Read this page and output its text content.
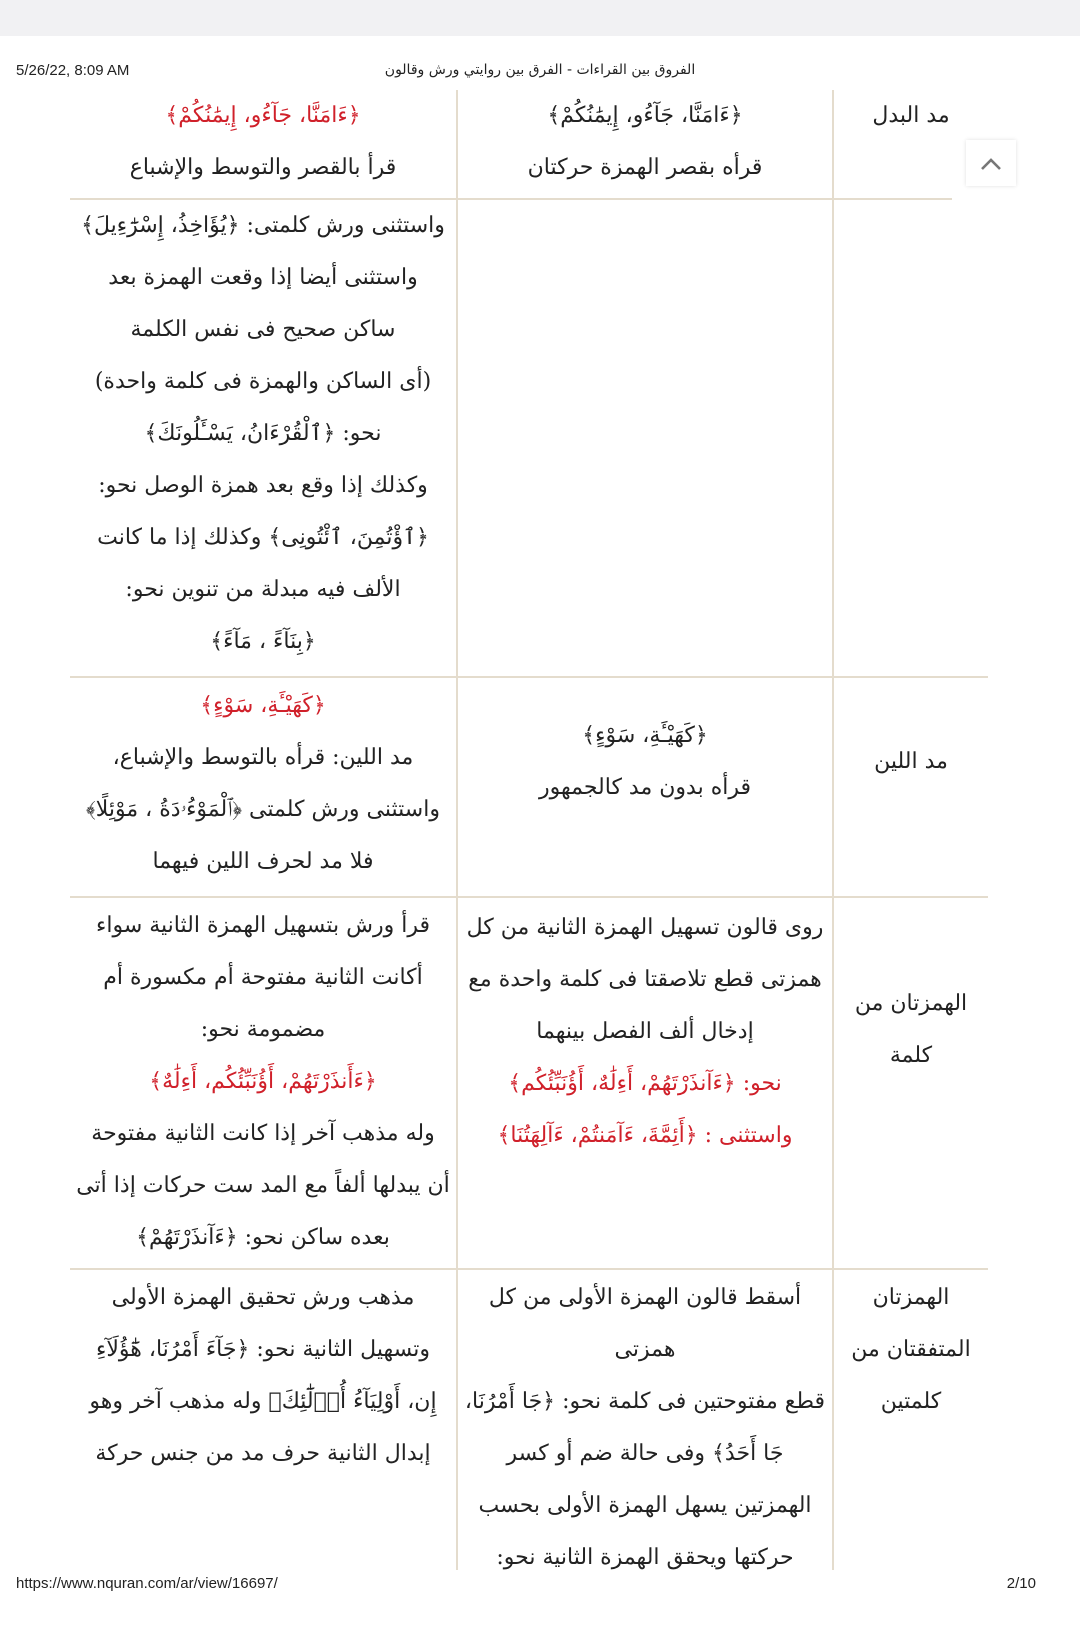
5/26/22, 8:09 AM	الفروق بين القراءات - الفرق بين روايتي ورش وقالون

مد البدل

﴿ءَامَنَّا، جَآءُو، إِيمَٰنُكُمْ﴾

قرأه بقصر الهمزة حركتان

﴿ءَامَنَّا، جَآءُو، إِيمَٰنُكُمْ﴾

قرأ بالقصر والتوسط والإشباع

واستثنى ورش كلمتى: ﴿يُؤَاخِذُ، إِسْرَٰٓءِيلَ﴾

واستثنى أيضا إذا وقعت الهمزة بعد

ساكن صحيح فى نفس الكلمة

(أى الساكن والهمزة فى كلمة واحدة)

نحو: ﴿ٱلْقُرْءَانُ، يَسْـَٔلُونَكَ﴾

وكذلك إذا وقع بعد همزة الوصل نحو:

﴿ٱؤْتُمِنَ، ٱئْتُونِى﴾ وكذلك إذا ما كانت

الألف فيه مبدلة من تنوين نحو:

﴿بِنَآءً ، مَآءً﴾

مد اللين

﴿كَهَيْـَٔةِ، سَوْءٍ﴾

قرأه بدون مد كالجمهور

﴿كَهَيْـَٔةِ، سَوْءٍ﴾

مد اللين: قرأه بالتوسط والإشباع،

واستثنى ورش كلمتى ﴿ٱلْمَوْءُۥدَةُ ، مَوْئِلًا﴾

فلا مد لحرف اللين فيهما

الهمزتان من

كلمة

روى قالون تسهيل الهمزة الثانية من كل

همزتى قطع تلاصقتا فى كلمة واحدة مع

إدخال ألف الفصل بينهما

نحو: ﴿ءَآنذَرْتَهُمْ، أَءِلَٰهٌ، أَؤُنَبِّئُكُم﴾

واستثنى : ﴿أَئِمَّةَ، ءَآمَنتُمْ، ءَآلِهَتُنَا﴾

قرأ ورش بتسهيل الهمزة الثانية سواء

أكانت الثانية مفتوحة أم مكسورة أم

مضمومة نحو:

﴿ءَأَنذَرْتَهُمْ، أَؤُنَبِّئُكُم، أَءِلَٰهٌ﴾

وله مذهب آخر إذا كانت الثانية مفتوحة

أن يبدلها ألفاً مع المد ست حركات إذا أتى

بعده ساكن نحو: ﴿ءَآنذَرْتَهُمْ﴾

الهمزتان

المتفقتان من

كلمتين

أسقط قالون الهمزة الأولى من كل همزتى

قطع مفتوحتين فى كلمة نحو: ﴿جَا أَمْرُنَا،

جَا أَحَدُ﴾ وفى حالة ضم أو كسر

الهمزتين يسهل الهمزة الأولى بحسب

حركتها ويحقق الهمزة الثانية نحو:

مذهب ورش تحقيق الهمزة الأولى

وتسهيل الثانية نحو: ﴿جَآءَ أَمْرُنَا، هَٰٓؤُلَآءِ

إِن، أَوْلِيَآءُ أُو۟لَٰٓئِكَ﴾ وله مذهب آخر وهو

إبدال الثانية حرف مد من جنس حركة

https://www.nquran.com/ar/view/16697/	2/10
